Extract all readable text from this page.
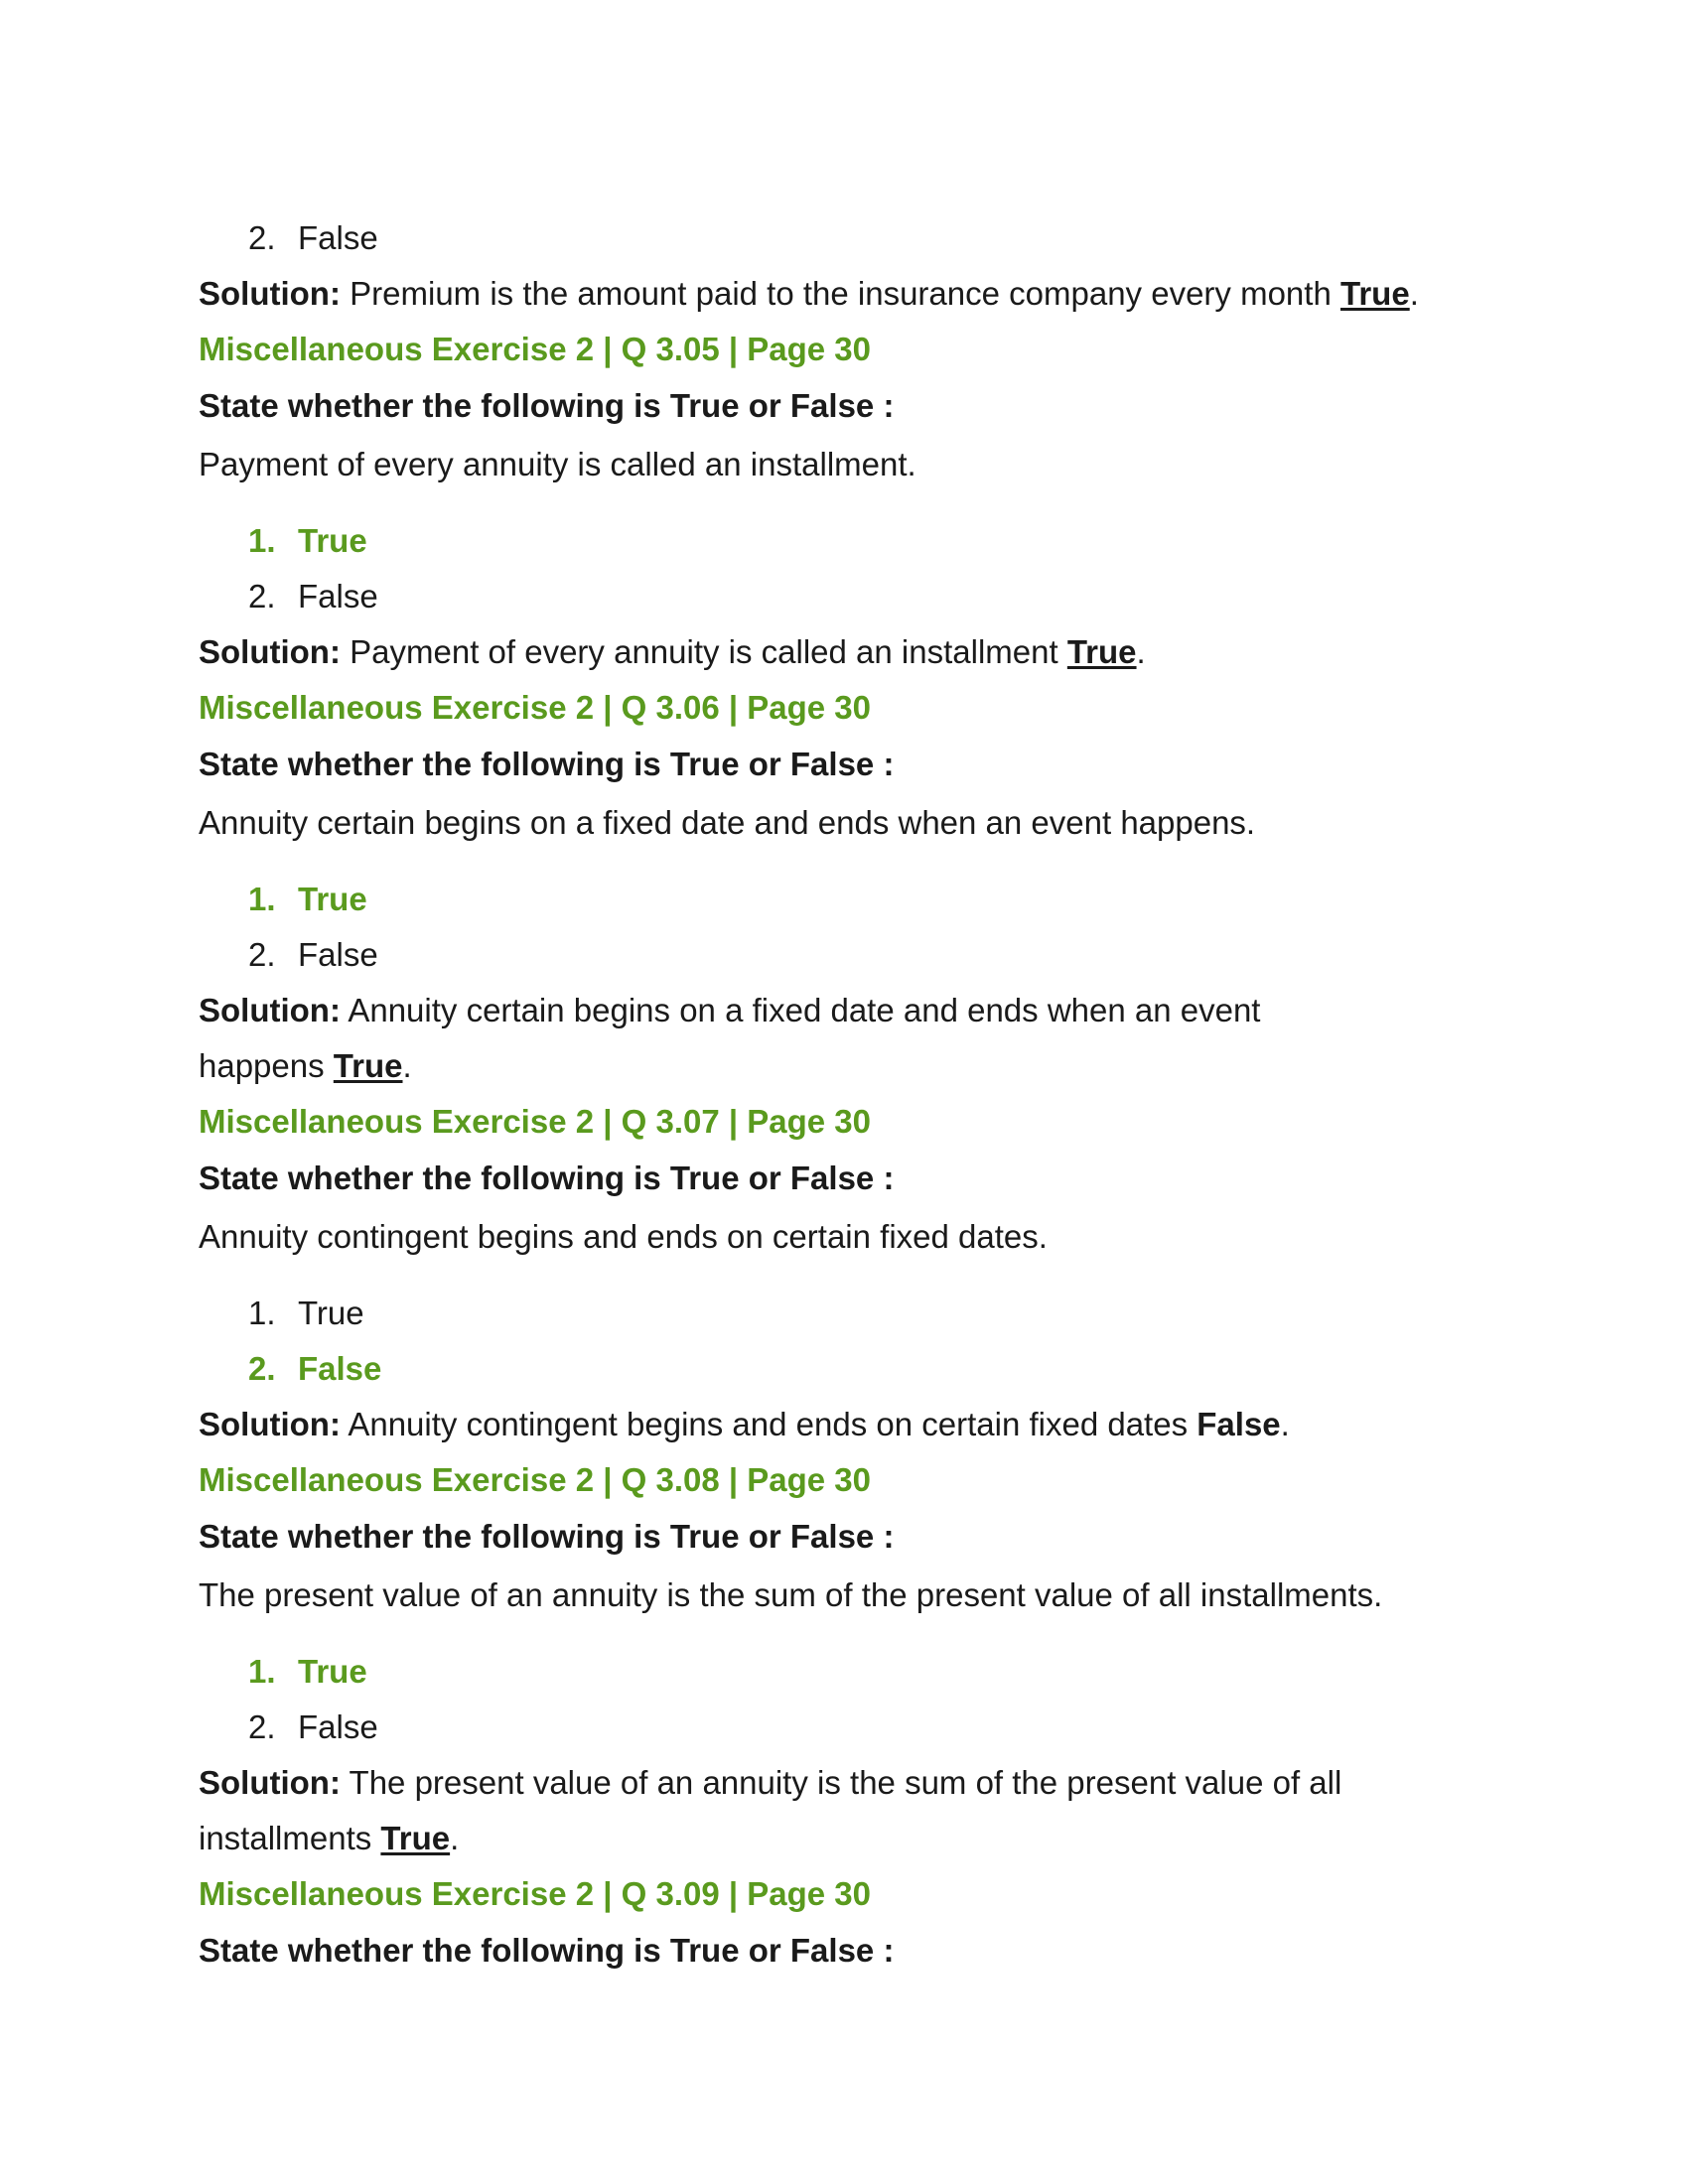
2. False
Solution: Premium is the amount paid to the insurance company every month True.
Miscellaneous Exercise 2 | Q 3.05 | Page 30
State whether the following is True or False :
Payment of every annuity is called an installment.
1. True
2. False
Solution: Payment of every annuity is called an installment True.
Miscellaneous Exercise 2 | Q 3.06 | Page 30
State whether the following is True or False :
Annuity certain begins on a fixed date and ends when an event happens.
1. True
2. False
Solution: Annuity certain begins on a fixed date and ends when an event
happens True.
Miscellaneous Exercise 2 | Q 3.07 | Page 30
State whether the following is True or False :
Annuity contingent begins and ends on certain fixed dates.
1. True
2. False
Solution: Annuity contingent begins and ends on certain fixed dates False.
Miscellaneous Exercise 2 | Q 3.08 | Page 30
State whether the following is True or False :
The present value of an annuity is the sum of the present value of all installments.
1. True
2. False
Solution: The present value of an annuity is the sum of the present value of all
installments True.
Miscellaneous Exercise 2 | Q 3.09 | Page 30
State whether the following is True or False :
